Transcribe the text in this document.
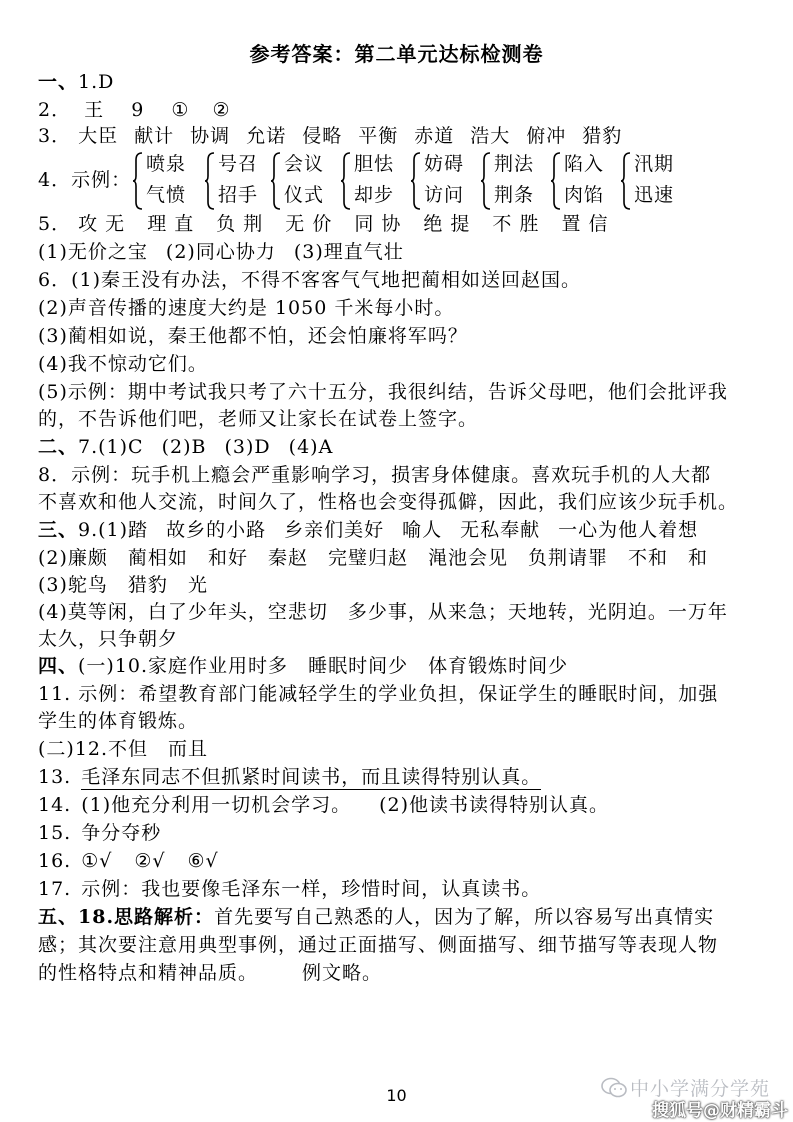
参考答案：第二单元达标检测卷
一、1.D
2． 王 9 ① ②
3． 大臣 献计 协调 允诺 侵略 平衡 赤道 浩大 俯冲 猎豹
4．示例：
喷泉
气愤
号召
招手
会议
仪式
胆怯
却步
妨碍
访问
荆法
荆条
陷入
肉馅
汛期
迅速
5． 攻 无 理 直 负 荆 无 价 同 协 绝 提 不 胜 置 信
(1)无价之宝 (2)同心协力 (3)理直气壮
6．(1)秦王没有办法，不得不客客气气地把蔺相如送回赵国。
(2)声音传播的速度大约是 1050 千米每小时。
(3)蔺相如说，秦王他都不怕，还会怕廉将军吗？
(4)我不惊动它们。
(5)示例：期中考试我只考了六十五分，我很纠结，告诉父母吧，他们会批评我
的，不告诉他们吧，老师又让家长在试卷上签字。
二、7.(1)C (2)B (3)D (4)A
8．示例：玩手机上瘾会严重影响学习，损害身体健康。喜欢玩手机的人大都
不喜欢和他人交流，时间久了，性格也会变得孤僻，因此，我们应该少玩手机。
三、9.(1)踏 故乡的小路 乡亲们美好 喻人 无私奉献 一心为他人着想
(2)廉颇 蔺相如 和好 秦赵 完璧归赵 渑池会见 负荆请罪 不和 和
(3)鸵鸟 猎豹 光
(4)莫等闲，白了少年头，空悲切　多少事，从来急；天地转，光阴迫。一万年
太久，只争朝夕
四、(一)10.家庭作业用时多 睡眠时间少 体育锻炼时间少
11. 示例：希望教育部门能减轻学生的学业负担，保证学生的睡眠时间，加强
学生的体育锻炼。
(二)12.不但 而且
13. 毛泽东同志不但抓紧时间读书，而且读得特别认真。
14. (1)他充分利用一切机会学习。 (2)他读书读得特别认真。
15. 争分夺秒
16. ①√ ②√ ⑥√
17. 示例：我也要像毛泽东一样，珍惜时间，认真读书。
五、18.思路解析：首先要写自己熟悉的人，因为了解，所以容易写出真情实
感；其次要注意用典型事例，通过正面描写、侧面描写、细节描写等表现人物
的性格特点和精神品质。 例文略。
10	中小学满分学苑
搜狐号@财精霸斗
